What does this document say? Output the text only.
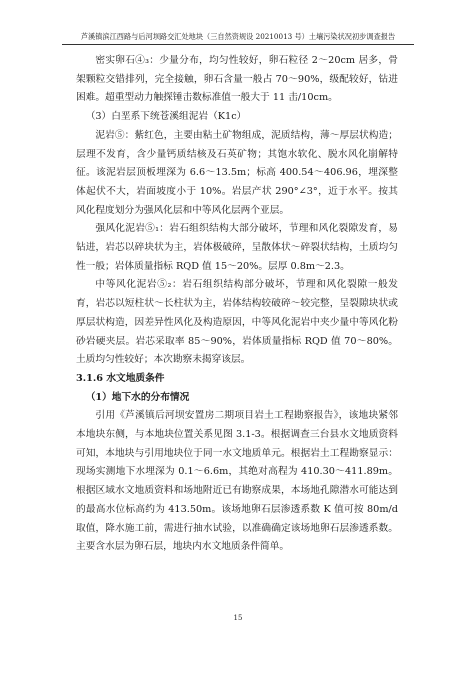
芦溪镇滨江西路与后河坝路交汇处地块（三自然资规设 20210013 号）土壤污染状况初步调查报告

密实卵石④₃：少量分布，均匀性较好，卵石粒径 2～20cm 居多，骨架颗粒交错排列，完全接触，卵石含量一般占 70～90%，级配较好，钻进困难。超重型动力触探锤击数标准值一般大于 11 击/10cm。

（3）白垩系下统苍溪组泥岩（K1c）

泥岩⑤：紫红色，主要由粘土矿物组成，泥质结构，薄～厚层状构造；层理不发育，含少量钙质结核及石英矿物；其饱水软化、脱水风化崩解特征。该泥岩层顶板埋深为 6.6～13.5m；标高 400.54～406.96，埋深整体起伏不大，岩面坡度小于 10%。岩层产状 290°∠3°，近于水平。按其风化程度划分为强风化层和中等风化层两个亚层。

强风化泥岩⑤₁：岩石组织结构大部分破坏，节理和风化裂隙发育，易钻进，岩芯以碎块状为主，岩体极破碎，呈散体状～碎裂状结构，土质均匀性一般；岩体质量指标 RQD 值 15～20%。层厚 0.8m～2.3。

中等风化泥岩⑤₂：岩石组织结构部分破坏，节理和风化裂隙一般发育，岩芯以短柱状～长柱状为主，岩体结构较破碎～较完整，呈裂隙块状或厚层状构造，因差异性风化及构造原因，中等风化泥岩中夹少量中等风化粉砂岩硬夹层。岩芯采取率 85～90%，岩体质量指标 RQD 值 70～80%。土质均匀性较好；本次勘察未揭穿该层。

3.1.6 水文地质条件
（1）地下水的分布情况

引用《芦溪镇后河坝安置房二期项目岩土工程勘察报告》，该地块紧邻本地块东侧，与本地块位置关系见图 3.1-3。根据调查三台县水文地质资料可知，本地块与引用地块位于同一水文地质单元。根据岩土工程勘察显示：现场实测地下水埋深为 0.1～6.6m，其绝对高程为 410.30～411.89m。根据区域水文地质资料和场地附近已有勘察成果，本场地孔隙潜水可能达到的最高水位标高约为 413.50m。该场地卵石层渗透系数 K 值可按 80m/d 取值，降水施工前，需进行抽水试验，以准确确定该场地卵石层渗透系数。主要含水层为卵石层，地块内水文地质条件简单。

15
